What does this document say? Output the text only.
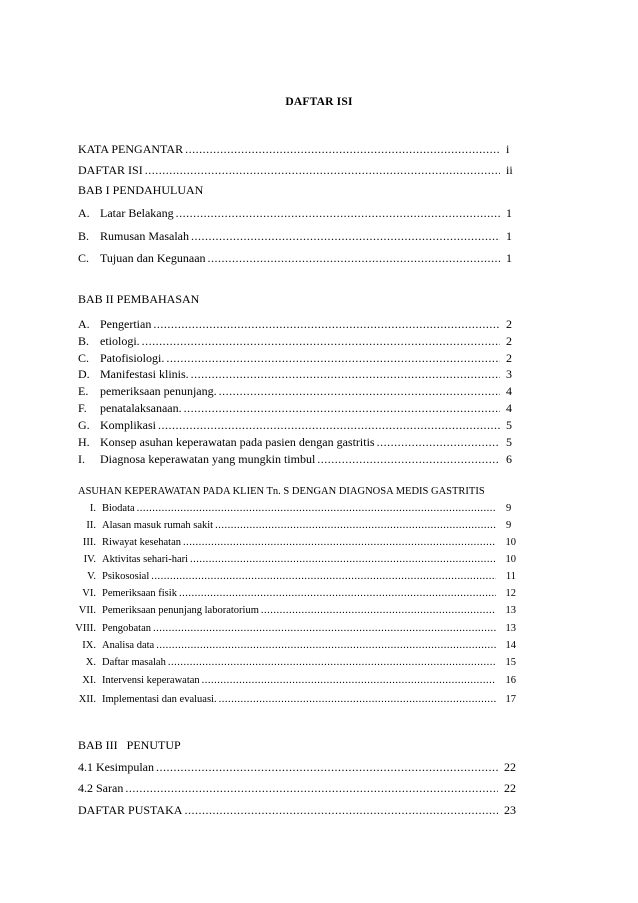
DAFTAR ISI
KATA PENGANTAR .....	i
DAFTAR ISI .....	ii
BAB I PENDAHULUAN
A. Latar Belakang .....	1
B. Rumusan Masalah .....	1
C. Tujuan dan Kegunaan .....	1
BAB II PEMBAHASAN
A. Pengertian .....	2
B. etiologi. .....	2
C. Patofisiologi. .....	2
D. Manifestasi klinis. .....	3
E. pemeriksaan penunjang. .....	4
F.	penatalaksanaan. .....	4
G. Komplikasi .....	5
H. Konsep asuhan keperawatan pada pasien dengan gastritis .....	5
I.	Diagnosa keperawatan yang mungkin timbul .....	6
ASUHAN KEPERAWATAN PADA KLIEN Tn. S DENGAN DIAGNOSA MEDIS GASTRITIS
I. Biodata .....	9
II. Alasan masuk rumah sakit .....	9
III. Riwayat kesehatan .....	10
IV. Aktivitas sehari-hari .....	10
V. Psikososial .....	11
VI. Pemeriksaan fisik .....	12
VII. Pemeriksaan penunjang laboratorium .....	13
VIII. Pengobatan .....	13
IX. Analisa data .....	14
X. Daftar masalah .....	15
XI. Intervensi keperawatan .....	16
XII. Implementasi dan evaluasi. .....	17
BAB III   PENUTUP
4.1 Kesimpulan .....	22
4.2 Saran .....	22
DAFTAR PUSTAKA .....	23
